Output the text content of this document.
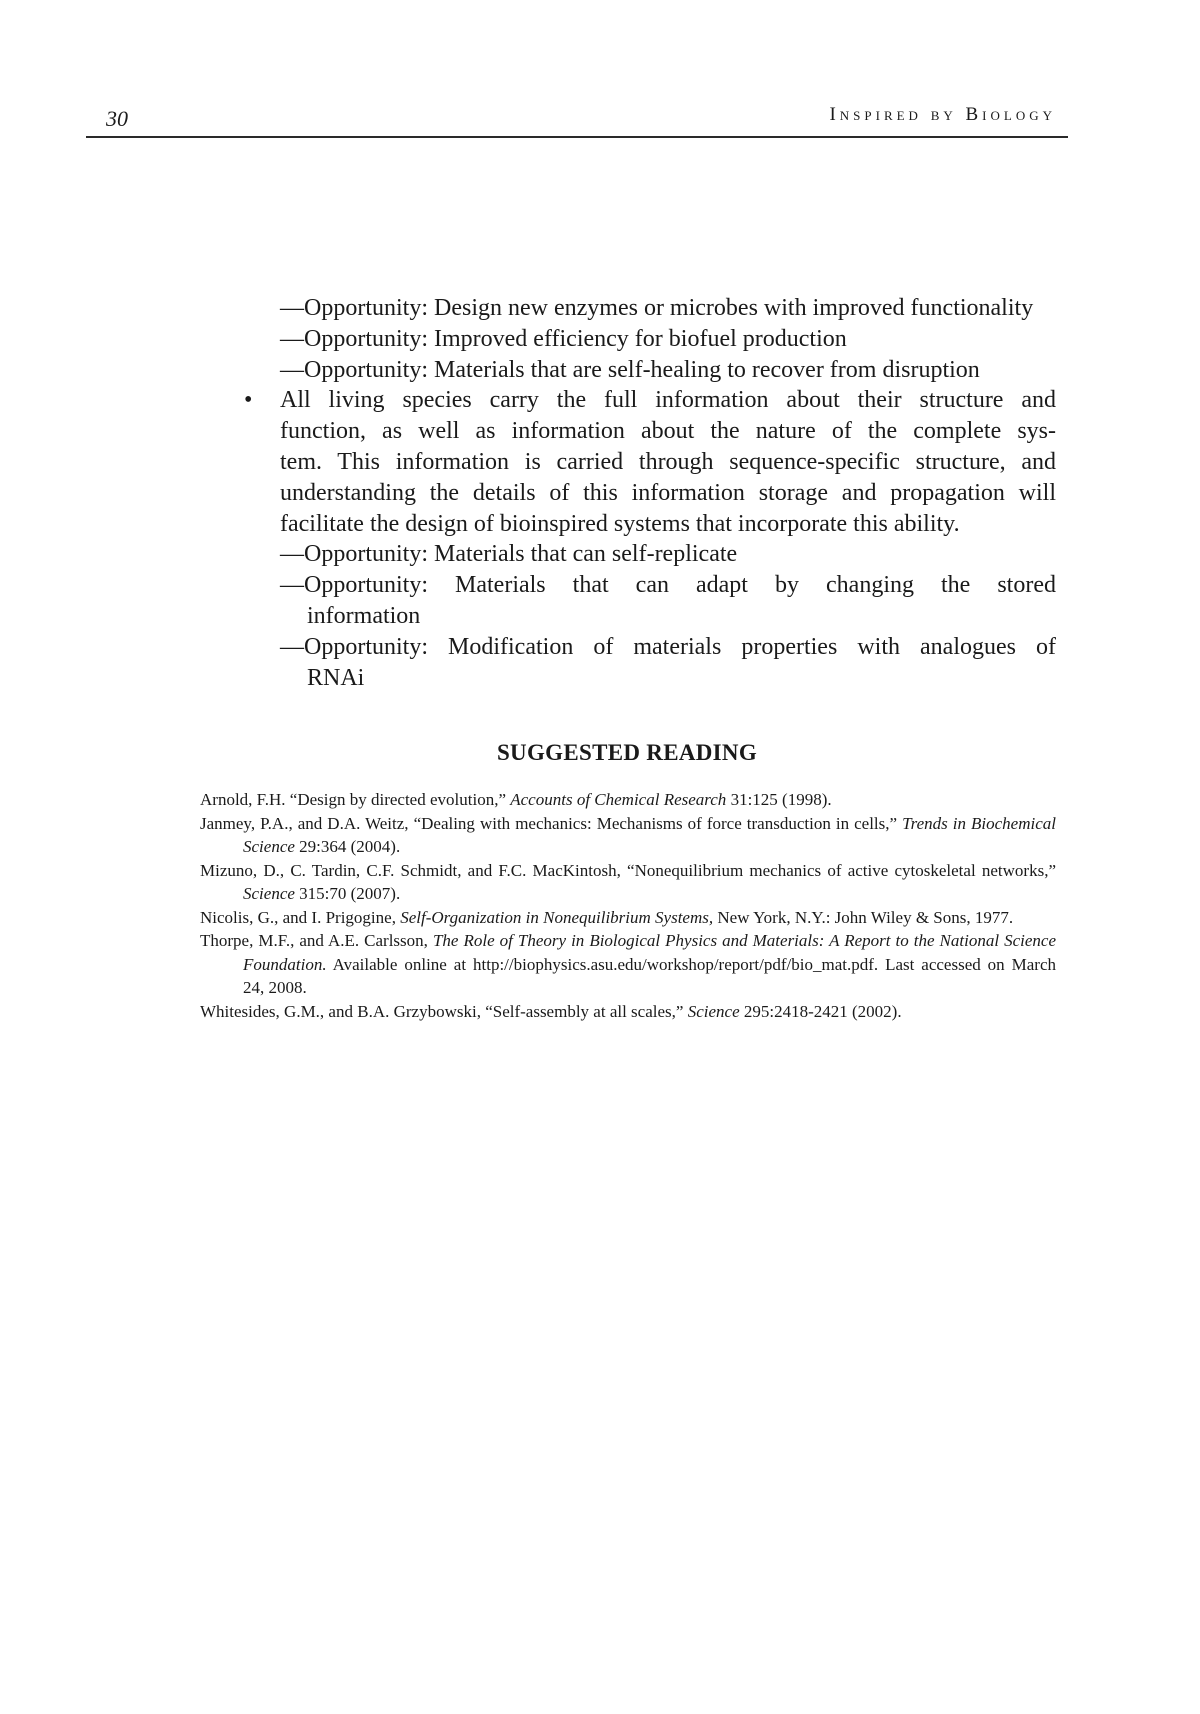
30	Inspired by Biology
—Opportunity: Design new enzymes or microbes with improved functionality
—Opportunity: Improved efficiency for biofuel production
—Opportunity: Materials that are self-healing to recover from disruption
• All living species carry the full information about their structure and
function, as well as information about the nature of the complete sys-
tem. This information is carried through sequence-specific structure, and
understanding the details of this information storage and propagation will
facilitate the design of bioinspired systems that incorporate this ability.
—Opportunity: Materials that can self-replicate
—Opportunity: Materials that can adapt by changing the stored
information
—Opportunity: Modification of materials properties with analogues of
RNAi
SUGGESTED READING
Arnold, F.H. “Design by directed evolution,” Accounts of Chemical Research 31:125 (1998).
Janmey, P.A., and D.A. Weitz, “Dealing with mechanics: Mechanisms of force transduction in cells,” Trends in Biochemical Science 29:364 (2004).
Mizuno, D., C. Tardin, C.F. Schmidt, and F.C. MacKintosh, “Nonequilibrium mechanics of active cytoskeletal networks,” Science 315:70 (2007).
Nicolis, G., and I. Prigogine, Self-Organization in Nonequilibrium Systems, New York, N.Y.: John Wiley & Sons, 1977.
Thorpe, M.F., and A.E. Carlsson, The Role of Theory in Biological Physics and Materials: A Report to the National Science Foundation. Available online at http://biophysics.asu.edu/workshop/report/pdf/bio_mat.pdf. Last accessed on March 24, 2008.
Whitesides, G.M., and B.A. Grzybowski, “Self-assembly at all scales,” Science 295:2418-2421 (2002).
